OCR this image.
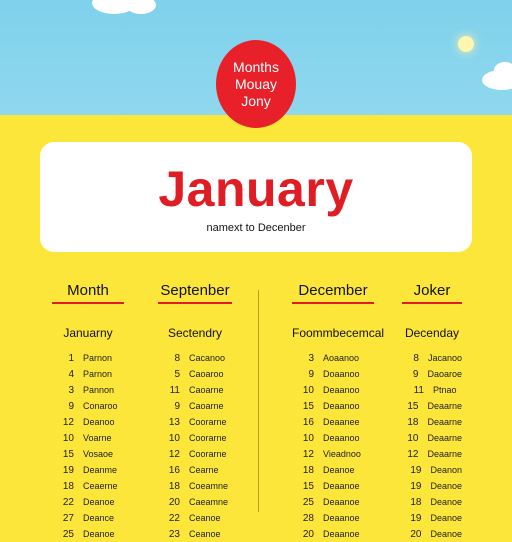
Months
Mouay
Jony
January
namext to Decenber
Month
Januarny
1 Parnon
4 Parnon
3 Pannon
9 Conaroo
12 Deanoo
10 Voarne
15 Vosaoe
19 Deanme
18 Ceaerne
22 Deanoe
27 Deance
25 Deanoe
Septenber
Sectendry
8 Cacanoo
5 Caoaroo
11 Caoarne
9 Caoarne
13 Coorarne
10 Coorarne
12 Coorarne
16 Cearne
18 Coeamne
20 Caeamne
22 Ceanoe
23 Ceanoe
December
Foommbecemcal
3 Aoaanoo
9 Doaanoo
10 Deaanoo
15 Deaanoo
16 Deaanee
10 Deaanoo
12 Vieadnoo
18 Deanoe
15 Deaanoe
25 Deaanoe
28 Deaanoe
20 Deaanoe
Joker
Decenday
8 Jacanoo
9 Daoaroe
11 Ptnao
15 Deaarne
18 Deaarne
10 Deaarne
12 Deaarne
19 Deanon
19 Deanoe
18 Deanoe
19 Deanoe
20 Deanoe
